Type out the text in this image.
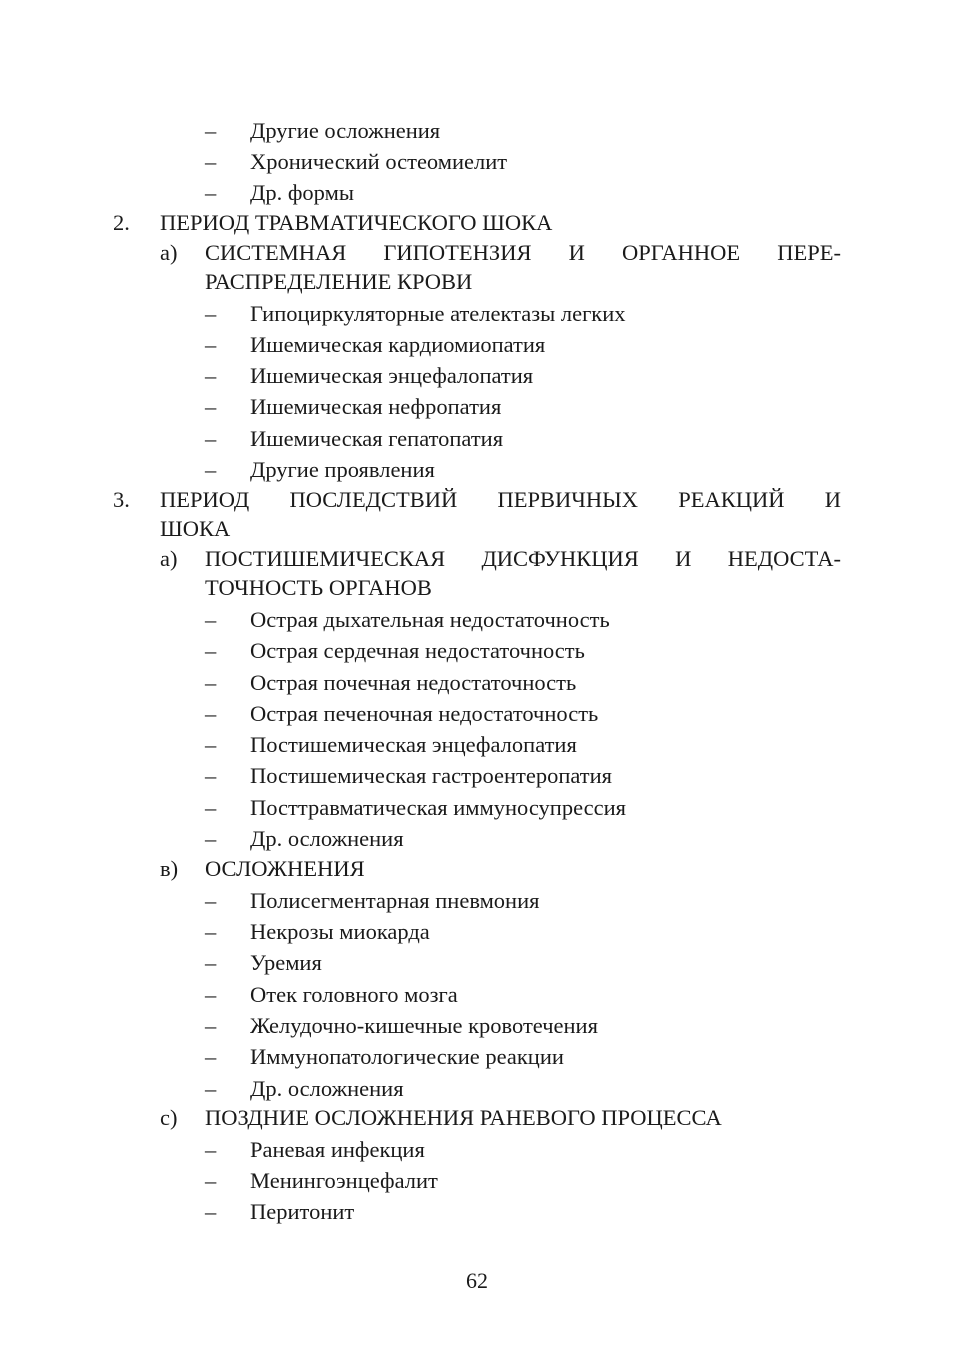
– Другие осложнения
– Хронический остеомиелит
– Др. формы
2. ПЕРИОД ТРАВМАТИЧЕСКОГО ШОКА
а) СИСТЕМНАЯ ГИПОТЕНЗИЯ И ОРГАННОЕ ПЕРЕ-
РАСПРЕДЕЛЕНИЕ КРОВИ
– Гипоциркуляторные ателектазы легких
– Ишемическая кардиомиопатия
– Ишемическая энцефалопатия
– Ишемическая нефропатия
– Ишемическая гепатопатия
– Другие проявления
3. ПЕРИОД ПОСЛЕДСТВИЙ ПЕРВИЧНЫХ РЕАКЦИЙ И
ШОКА
а) ПОСТИШЕМИЧЕСКАЯ ДИСФУНКЦИЯ И НЕДОСТА-
ТОЧНОСТЬ ОРГАНОВ
– Острая дыхательная недостаточность
– Острая сердечная недостаточность
– Острая почечная недостаточность
– Острая печеночная недостаточность
– Постишемическая энцефалопатия
– Постишемическая гастроентеропатия
– Посттравматическая иммуносупрессия
– Др. осложнения
в) ОСЛОЖНЕНИЯ
– Полисегментарная пневмония
– Некрозы миокарда
– Уремия
– Отек головного мозга
– Желудочно-кишечные кровотечения
– Иммунопатологические реакции
– Др. осложнения
с) ПОЗДНИЕ ОСЛОЖНЕНИЯ РАНЕВОГО ПРОЦЕССА
– Раневая инфекция
– Менингоэнцефалит
– Перитонит
62
